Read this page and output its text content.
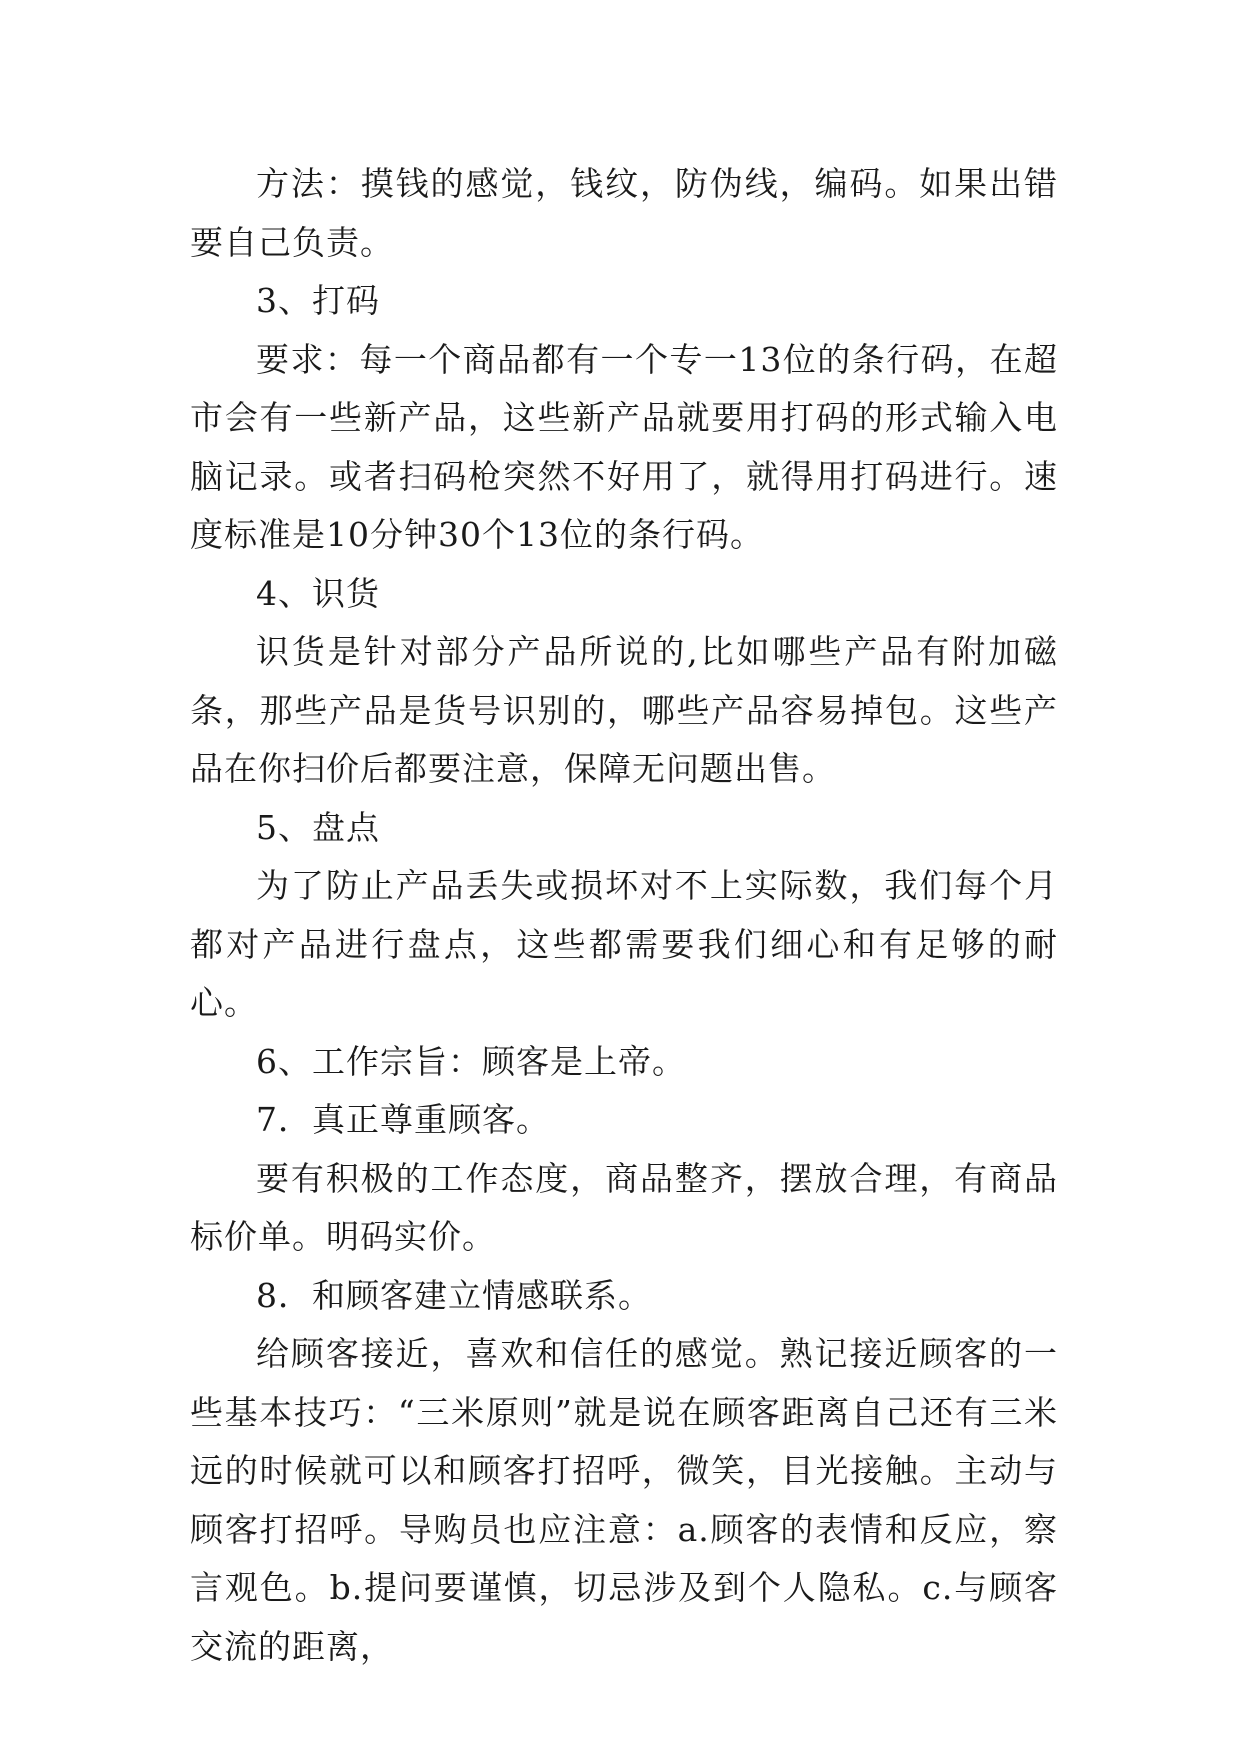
方法：摸钱的感觉，钱纹，防伪线，编码。如果出错要自己负责。

3、打码

要求：每一个商品都有一个专一13位的条行码，在超市会有一些新产品，这些新产品就要用打码的形式输入电脑记录。或者扫码枪突然不好用了，就得用打码进行。速度标准是10分钟30个13位的条行码。

4、识货

识货是针对部分产品所说的,比如哪些产品有附加磁条，那些产品是货号识别的，哪些产品容易掉包。这些产品在你扫价后都要注意，保障无问题出售。

5、盘点

为了防止产品丢失或损坏对不上实际数，我们每个月都对产品进行盘点，这些都需要我们细心和有足够的耐心。

6、工作宗旨：顾客是上帝。

7．真正尊重顾客。

要有积极的工作态度，商品整齐，摆放合理，有商品标价单。明码实价。

8．和顾客建立情感联系。

给顾客接近，喜欢和信任的感觉。熟记接近顾客的一些基本技巧：“三米原则”就是说在顾客距离自己还有三米远的时候就可以和顾客打招呼，微笑，目光接触。主动与顾客打招呼。导购员也应注意：a.顾客的表情和反应，察言观色。b.提问要谨慎，切忌涉及到个人隐私。c.与顾客交流的距离，
